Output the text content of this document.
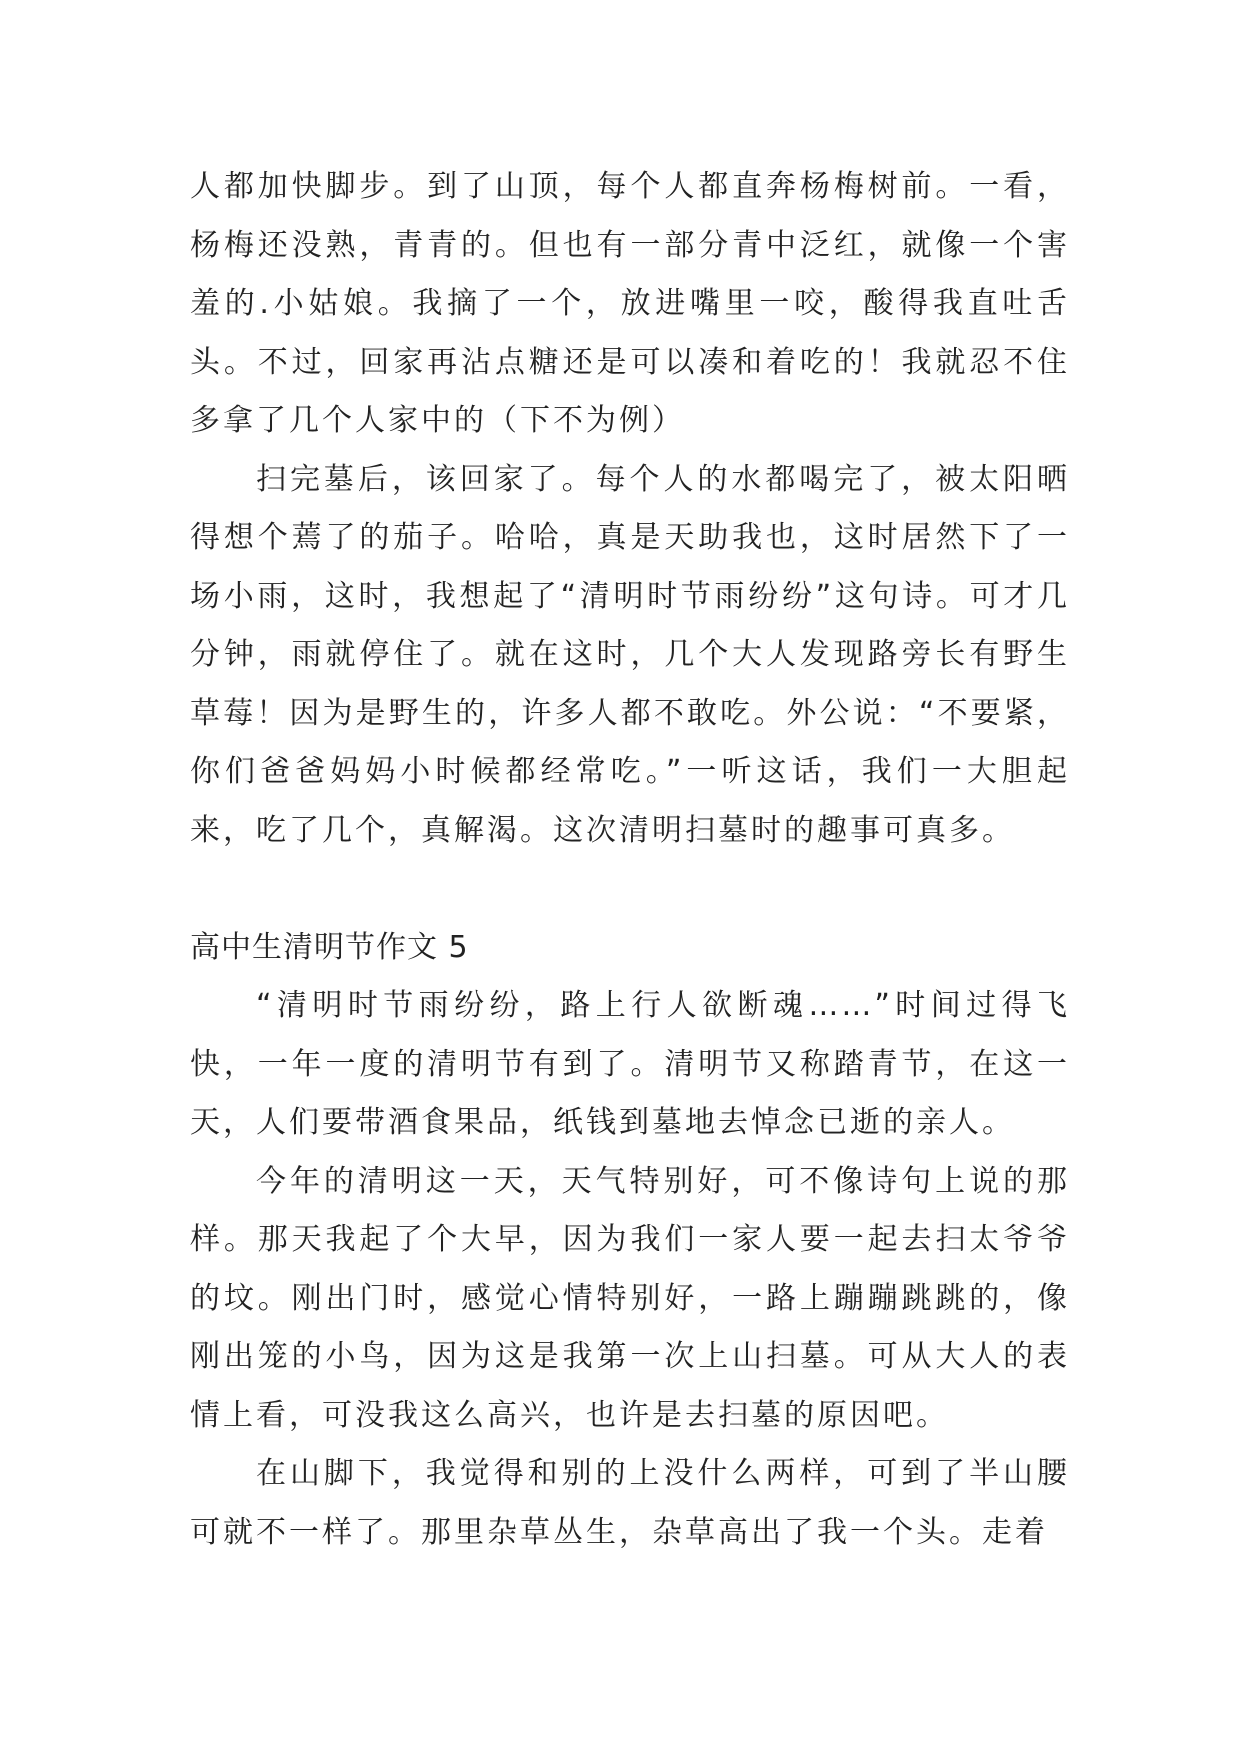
人都加快脚步。到了山顶，每个人都直奔杨梅树前。一看，杨梅还没熟，青青的。但也有一部分青中泛红，就像一个害羞的.小姑娘。我摘了一个，放进嘴里一咬，酸得我直吐舌头。不过，回家再沾点糖还是可以凑和着吃的！我就忍不住多拿了几个人家中的（下不为例）

扫完墓后，该回家了。每个人的水都喝完了，被太阳晒得想个蔫了的茄子。哈哈，真是天助我也，这时居然下了一场小雨，这时，我想起了“清明时节雨纷纷”这句诗。可才几分钟，雨就停住了。就在这时，几个大人发现路旁长有野生草莓！因为是野生的，许多人都不敢吃。外公说：“不要紧，你们爸爸妈妈小时候都经常吃。”一听这话，我们一大胆起来，吃了几个，真解渴。这次清明扫墓时的趣事可真多。

高中生清明节作文 5

“清明时节雨纷纷，路上行人欲断魂……”时间过得飞快，一年一度的清明节有到了。清明节又称踏青节，在这一天，人们要带酒食果品，纸钱到墓地去悼念已逝的亲人。

今年的清明这一天，天气特别好，可不像诗句上说的那样。那天我起了个大早，因为我们一家人要一起去扫太爷爷的坟。刚出门时，感觉心情特别好，一路上蹦蹦跳跳的，像刚出笼的小鸟，因为这是我第一次上山扫墓。可从大人的表情上看，可没我这么高兴，也许是去扫墓的原因吧。

在山脚下，我觉得和别的上没什么两样，可到了半山腰可就不一样了。那里杂草丛生，杂草高出了我一个头。走着
